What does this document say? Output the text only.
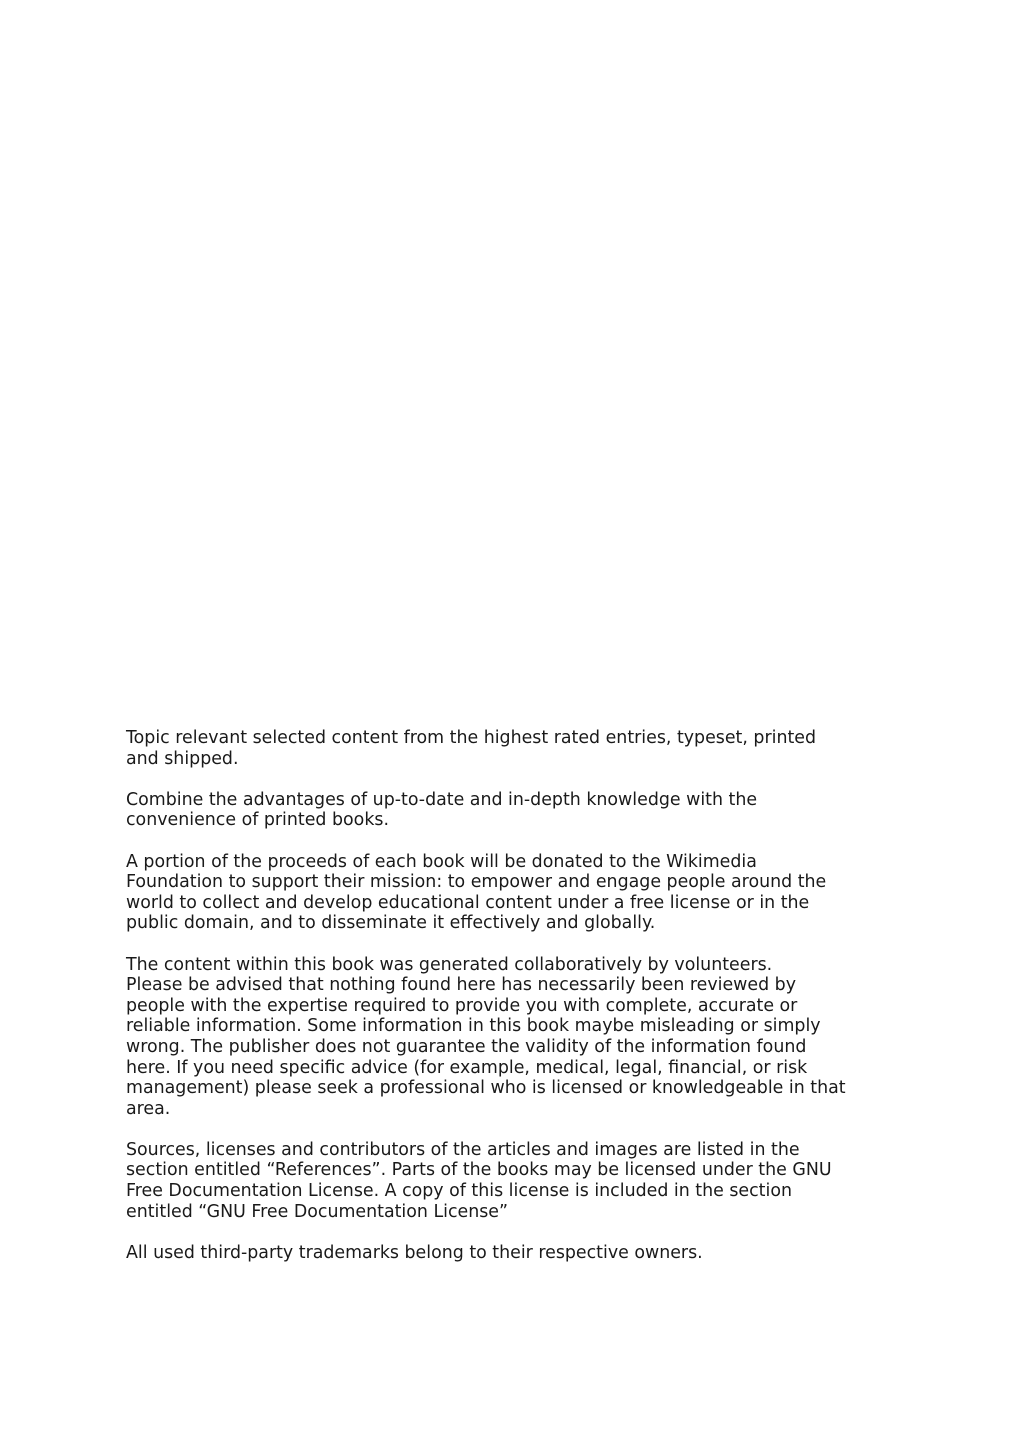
Topic relevant selected content from the highest rated entries, typeset, printed
and shipped.

Combine the advantages of up-to-date and in-depth knowledge with the
convenience of printed books.

A portion of the proceeds of each book will be donated to the Wikimedia
Foundation to support their mission: to empower and engage people around the
world to collect and develop educational content under a free license or in the
public domain, and to disseminate it effectively and globally.

The content within this book was generated collaboratively by volunteers.
Please be advised that nothing found here has necessarily been reviewed by
people with the expertise required to provide you with complete, accurate or
reliable information. Some information in this book maybe misleading or simply
wrong. The publisher does not guarantee the validity of the information found
here. If you need specific advice (for example, medical, legal, financial, or risk
management) please seek a professional who is licensed or knowledgeable in that
area.

Sources, licenses and contributors of the articles and images are listed in the
section entitled “References”. Parts of the books may be licensed under the GNU
Free Documentation License. A copy of this license is included in the section
entitled “GNU Free Documentation License”

All used third-party trademarks belong to their respective owners.
